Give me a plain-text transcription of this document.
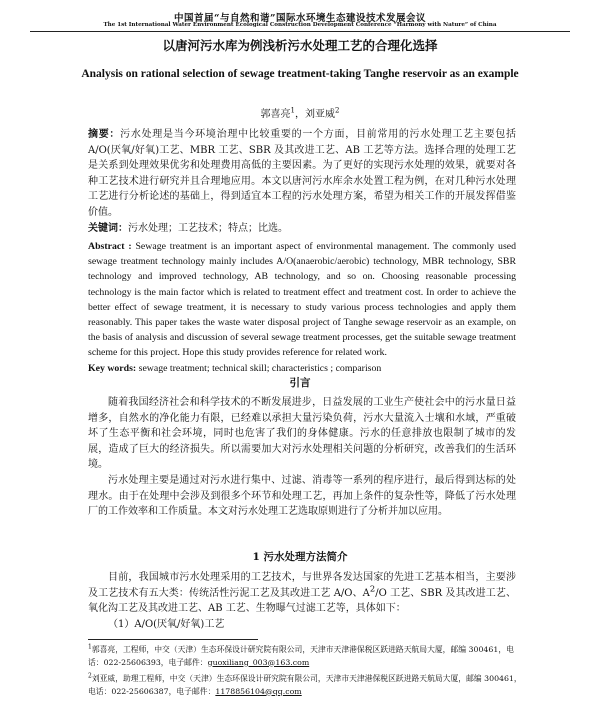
中国首届“与自然和谐”国际水环境生态建设技术发展会议
The 1st International Water Environment Ecological Construction Development Conference “Harmony with Nature” of China
以唐河污水库为例浅析污水处理工艺的合理化选择
Analysis on rational selection of sewage treatment-taking Tanghe reservoir as an example
郭喜亮$^1$，刘亚威$^2$

摘要：污水处理是当今环境治理中比较重要的一个方面，目前常用的污水处理工艺主要包括 A/O(厌氧/好氧)工艺、MBR 工艺、SBR 及其改进工艺、AB 工艺等方法。选择合理的处理工艺是关系到处理效果优劣和处理费用高低的主要因素。为了更好的实现污水处理的效果，就要对各种工艺技术进行研究并且合理地应用。本文以唐河污水库余水处置工程为例，在对几种污水处理工艺进行分析论述的基础上，得到适宜本工程的污水处理方案，希望为相关工作的开展发挥借鉴价值。

关键词：污水处理；工艺技术；特点；比选。

Abstract : Sewage treatment is an important aspect of environmental management. The commonly used sewage treatment technology mainly includes A/O(anaerobic/aerobic) technology, MBR technology, SBR technology and improved technology, AB technology, and so on. Choosing reasonable processing technology is the main factor which is related to treatment effect and treatment cost. In order to achieve the better effect of sewage treatment, it is necessary to study various process technologies and apply them reasonably. This paper takes the waste water disposal project of Tanghe sewage reservoir as an example, on the basis of analysis and discussion of several sewage treatment processes, get the suitable sewage treatment scheme for this project. Hope this study provides reference for related work.

Key words: sewage treatment; technical skill; characteristics ; comparison

引言

随着我国经济社会和科学技术的不断发展进步，日益发展的工业生产使社会中的污水量日益增多，自然水的净化能力有限，已经难以承担大量污染负荷，污水大量流入士壤和水域，严重破坏了生态平衡和社会环境，同时也危害了我们的身体健康。污水的任意排放也限制了城市的发展，造成了巨大的经济损失。所以需要加大对污水处理相关问题的分析研究，改善我们的生活环境。

污水处理主要是通过对污水进行集中、过滤、消毒等一系列的程序进行，最后得到达标的处理水。由于在处理中会涉及到很多个环节和处理工艺，再加上条件的复杂性等，降低了污水处理厂的工作效率和工作质量。本文对污水处理工艺选取原则进行了分析并加以应用。

1 污水处理方法简介

目前，我国城市污水处理采用的工艺技术，与世界各发达国家的先进工艺基本相当，主要涉及工艺技术有五大类：传统活性污泥工艺及其改进工艺 A/O、$A^2/O$ 工艺、SBR 及其改进工艺、氧化沟工艺及其改进工艺、AB 工艺、生物曝气过滤工艺等，具体如下：

（1）A/O(厌氧/好氧)工艺

$^1$郭喜亮，工程师，中交（天津）生态环保设计研究院有限公司，天津市天津港保税区跃进路天航局大厦，邮编 300461，电话：022-25606393，电子邮件：guoxiliang_003@163.com
$^2$刘亚威，助理工程师，中交（天津）生态环保设计研究院有限公司，天津市天津港保税区跃进路天航局大厦，邮编 300461，电话：022-25606387，电子邮件：1178856104@qq.com
